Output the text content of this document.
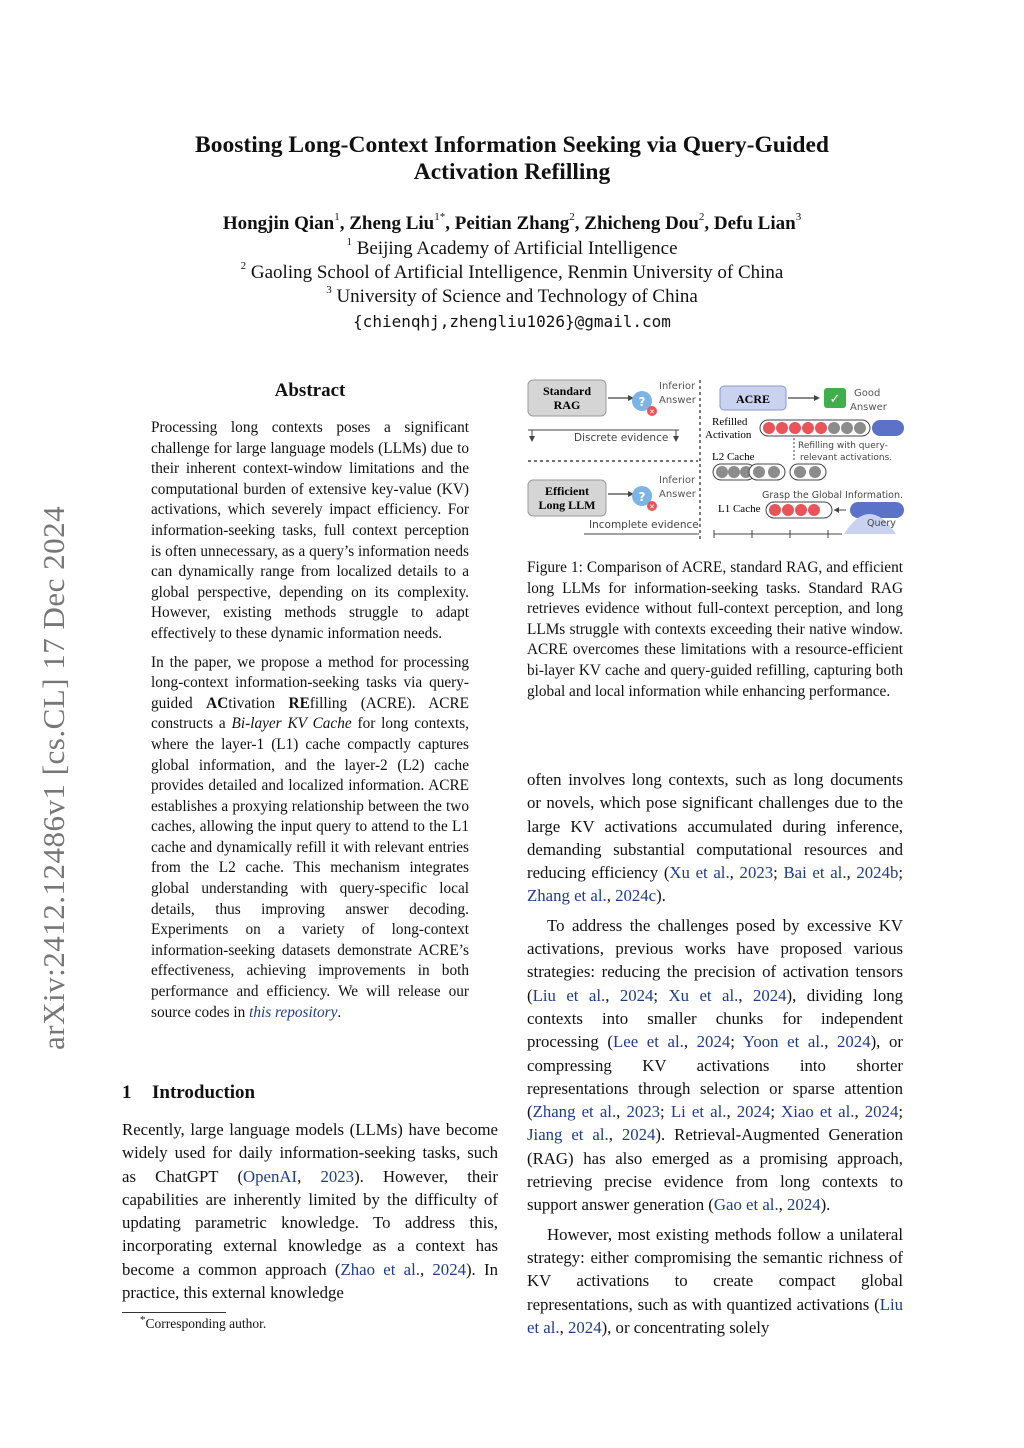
arXiv:2412.12486v1 [cs.CL] 17 Dec 2024
Boosting Long-Context Information Seeking via Query-Guided
Activation Refilling
Hongjin Qian$^1$, Zheng Liu$^{1*}$, Peitian Zhang$^2$, Zhicheng Dou$^2$, Defu Lian$^3$
$^1$ Beijing Academy of Artificial Intelligence
$^2$ Gaoling School of Artificial Intelligence, Renmin University of China
$^3$ University of Science and Technology of China
{chienqhj,zhengliu1026}@gmail.com
Abstract

Processing long contexts poses a significant challenge for large language models (LLMs) due to their inherent context-window limitations and the computational burden of extensive key-value (KV) activations, which severely impact efficiency. For information-seeking tasks, full context perception is often unnecessary, as a query’s information needs can dynamically range from localized details to a global perspective, depending on its complexity. However, existing methods struggle to adapt effectively to these dynamic information needs.

In the paper, we propose a method for processing long-context information-seeking tasks via query-guided ACtivation REfilling (ACRE). ACRE constructs a Bi-layer KV Cache for long contexts, where the layer-1 (L1) cache compactly captures global information, and the layer-2 (L2) cache provides detailed and localized information. ACRE establishes a proxying relationship between the two caches, allowing the input query to attend to the L1 cache and dynamically refill it with relevant entries from the L2 cache. This mechanism integrates global understanding with query-specific local details, thus improving answer decoding. Experiments on a variety of long-context information-seeking datasets demonstrate ACRE’s effectiveness, achieving improvements in both performance and efficiency. We will release our source codes in this repository.

1 Introduction

Recently, large language models (LLMs) have become widely used for daily information-seeking tasks, such as ChatGPT (OpenAI, 2023). However, their capabilities are inherently limited by the difficulty of updating parametric knowledge. To address this, incorporating external knowledge as a context has become a common approach (Zhao et al., 2024). In practice, this external knowledge

*Corresponding author.
Standard
RAG	?
✕
Inferior
Answer
Discrete evidence
Efficient
Long LLM
?
✕
Inferior
Answer
Incomplete evidence
ACRE	✓ Good
Answer
Refilled
Activation
L2 Cache
Refilling with query-
relevant activations.
Grasp the Global Information.
L1 Cache
Query
Figure 1: Comparison of ACRE, standard RAG, and efficient long LLMs for information-seeking tasks. Standard RAG retrieves evidence without full-context perception, and long LLMs struggle with contexts exceeding their native window. ACRE overcomes these limitations with a resource-efficient bi-layer KV cache and query-guided refilling, capturing both global and local information while enhancing performance.

often involves long contexts, such as long documents or novels, which pose significant challenges due to the large KV activations accumulated during inference, demanding substantial computational resources and reducing efficiency (Xu et al., 2023; Bai et al., 2024b; Zhang et al., 2024c).

To address the challenges posed by excessive KV activations, previous works have proposed various strategies: reducing the precision of activation tensors (Liu et al., 2024; Xu et al., 2024), dividing long contexts into smaller chunks for independent processing (Lee et al., 2024; Yoon et al., 2024), or compressing KV activations into shorter representations through selection or sparse attention (Zhang et al., 2023; Li et al., 2024; Xiao et al., 2024; Jiang et al., 2024). Retrieval-Augmented Generation (RAG) has also emerged as a promising approach, retrieving precise evidence from long contexts to support answer generation (Gao et al., 2024).

However, most existing methods follow a unilateral strategy: either compromising the semantic richness of KV activations to create compact global representations, such as with quantized activations (Liu et al., 2024), or concentrating solely
